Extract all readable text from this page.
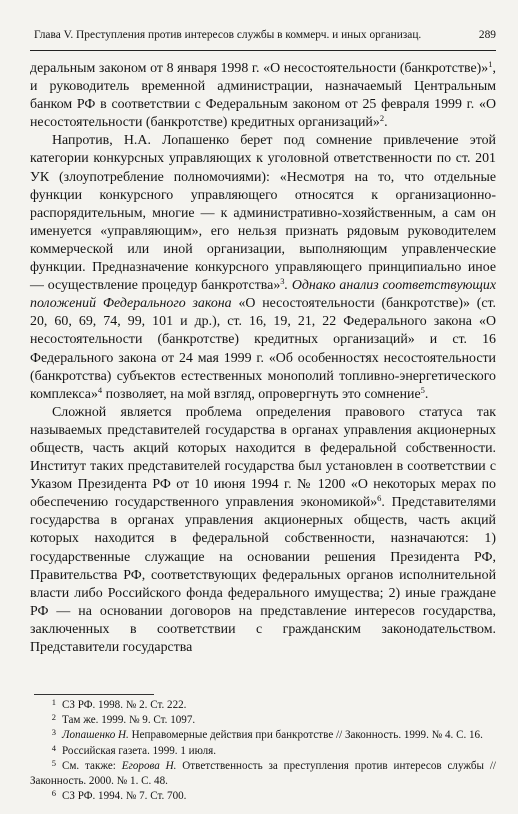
Глава V. Преступления против интересов службы в коммерч. и иных организац.	289

деральным законом от 8 января 1998 г. «О несостоятельности (банкротстве)»$^1$, и руководитель временной администрации, назначаемый Центральным банком РФ в соответствии с Федеральным законом от 25 февраля 1999 г. «О несостоятельности (банкротстве) кредитных организаций»$^2$.

Напротив, Н.А. Лопашенко берет под сомнение привлечение этой категории конкурсных управляющих к уголовной ответственности по ст. 201 УК (злоупотребление полномочиями): «Несмотря на то, что отдельные функции конкурсного управляющего относятся к организационно-распорядительным, многие — к административно-хозяйственным, а сам он именуется «управляющим», его нельзя признать рядовым руководителем коммерческой или иной организации, выполняющим управленческие функции. Предназначение конкурсного управляющего принципиально иное — осуществление процедур банкротства»$^3$. Однако анализ соответствующих положений Федерального закона «О несостоятельности (банкротстве)» (ст. 20, 60, 69, 74, 99, 101 и др.), ст. 16, 19, 21, 22 Федерального закона «О несостоятельности (банкротстве) кредитных организаций» и ст. 16 Федерального закона от 24 мая 1999 г. «Об особенностях несостоятельности (банкротства) субъектов естественных монополий топливно-энергетического комплекса»$^4$ позволяет, на мой взгляд, опровергнуть это сомнение$^5$.

Сложной является проблема определения правового статуса так называемых представителей государства в органах управления акционерных обществ, часть акций которых находится в федеральной собственности. Институт таких представителей государства был установлен в соответствии с Указом Президента РФ от 10 июня 1994 г. № 1200 «О некоторых мерах по обеспечению государственного управления экономикой»$^6$. Представителями государства в органах управления акционерных обществ, часть акций которых находится в федеральной собственности, назначаются: 1) государственные служащие на основании решения Президента РФ, Правительства РФ, соответствующих федеральных органов исполнительной власти либо Российского фонда федерального имущества; 2) иные граждане РФ — на основании договоров на представление интересов государства, заключенных в соответствии с гражданским законодательством. Представители государства

1 СЗ РФ. 1998. № 2. Ст. 222.

2 Там же. 1999. № 9. Ст. 1097.

3 Лопашенко Н. Неправомерные действия при банкротстве // Законность. 1999. № 4. С. 16.

4 Российская газета. 1999. 1 июля.

5 См. также: Егорова Н. Ответственность за преступления против интересов службы // Законность. 2000. № 1. С. 48.

6 СЗ РФ. 1994. № 7. Ст. 700.
